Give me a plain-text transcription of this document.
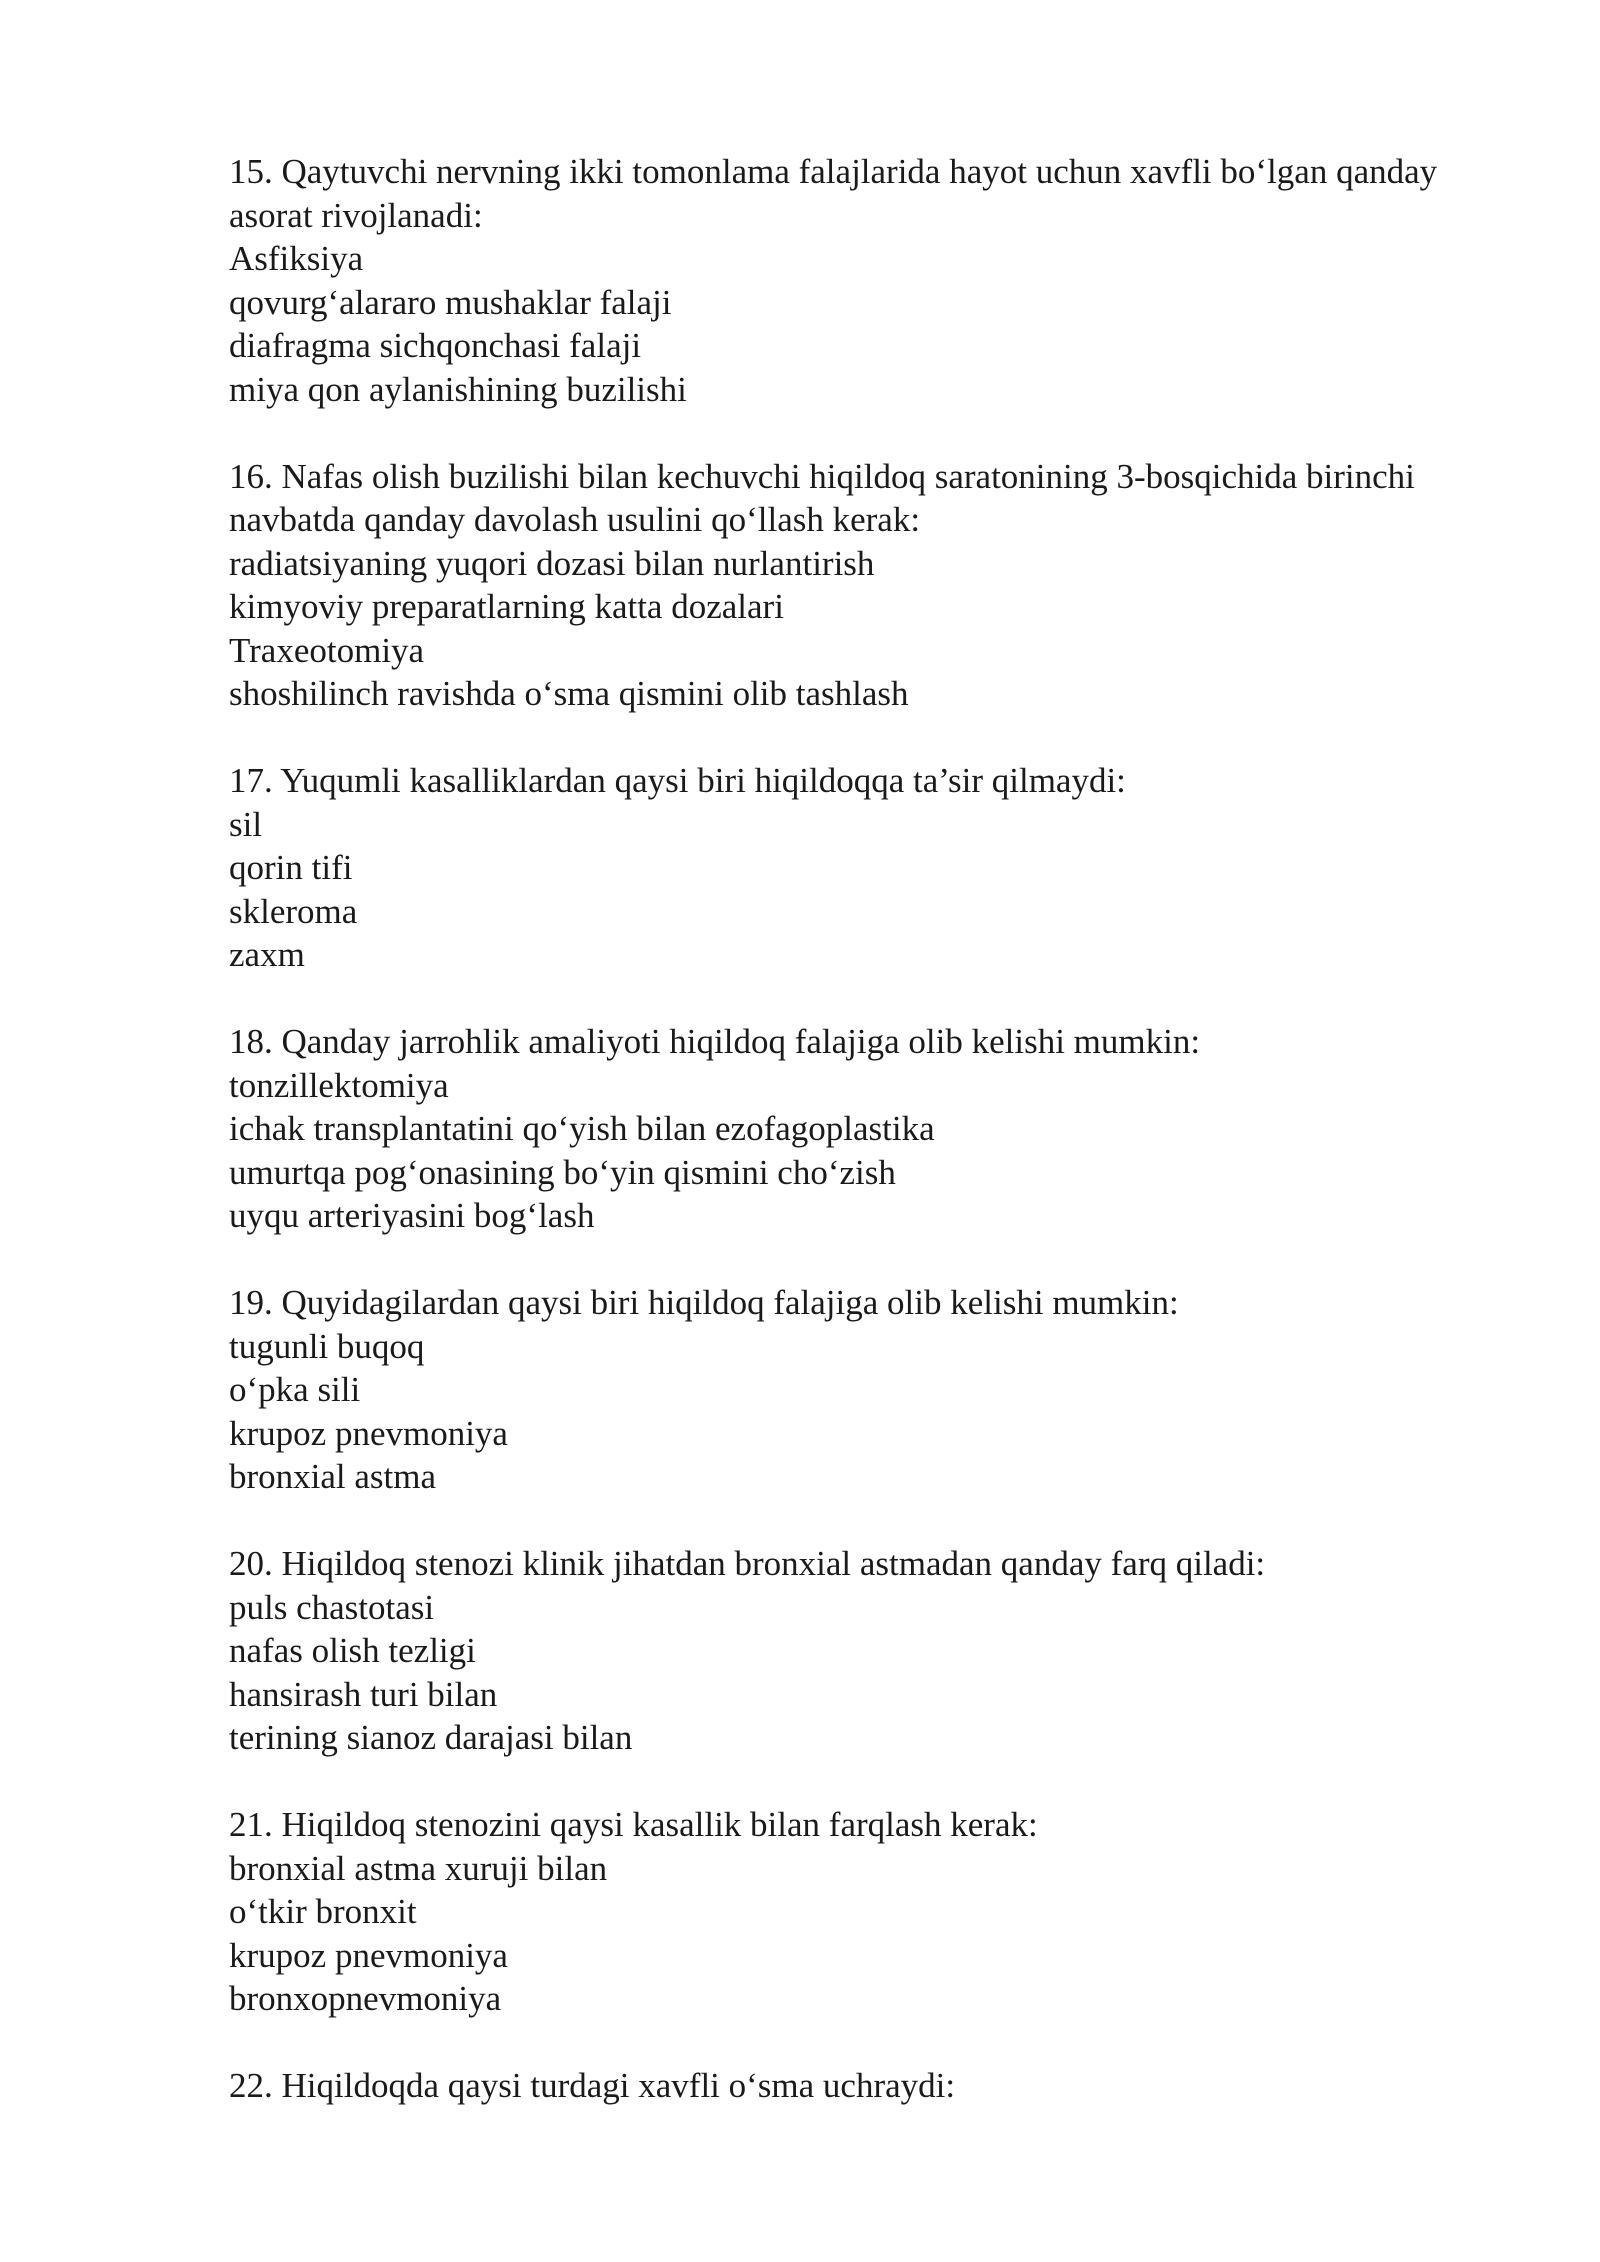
15. Qaytuvchi nervning ikki tomonlama falajlarida hayot uchun xavfli bo‘lgan qanday asorat rivojlanadi:

Asfiksiya
qovurg‘alararo mushaklar falaji
diafragma sichqonchasi falaji
miya qon aylanishining buzilishi

16. Nafas olish buzilishi bilan kechuvchi hiqildoq saratonining 3-bosqichida birinchi navbatda qanday davolash usulini qo‘llash kerak:

radiatsiyaning yuqori dozasi bilan nurlantirish
kimyoviy preparatlarning katta dozalari
Traxeotomiya
shoshilinch ravishda o‘sma qismini olib tashlash

17. Yuqumli kasalliklardan qaysi biri hiqildoqqa ta’sir qilmaydi:

sil
qorin tifi
skleroma
zaxm

18. Qanday jarrohlik amaliyoti hiqildoq falajiga olib kelishi mumkin:

tonzillektomiya
ichak transplantatini qo‘yish bilan ezofagoplastika
umurtqa pog‘onasining bo‘yin qismini cho‘zish
uyqu arteriyasini bog‘lash

19. Quyidagilardan qaysi biri hiqildoq falajiga olib kelishi mumkin:

tugunli buqoq
o‘pka sili
krupoz pnevmoniya
bronxial astma

20. Hiqildoq stenozi klinik jihatdan bronxial astmadan qanday farq qiladi:

puls chastotasi
nafas olish tezligi
hansirash turi bilan
terining sianoz darajasi bilan

21. Hiqildoq stenozini qaysi kasallik bilan farqlash kerak:

bronxial astma xuruji bilan
o‘tkir bronxit
krupoz pnevmoniya
bronxopnevmoniya

22. Hiqildoqda qaysi turdagi xavfli o‘sma uchraydi:
